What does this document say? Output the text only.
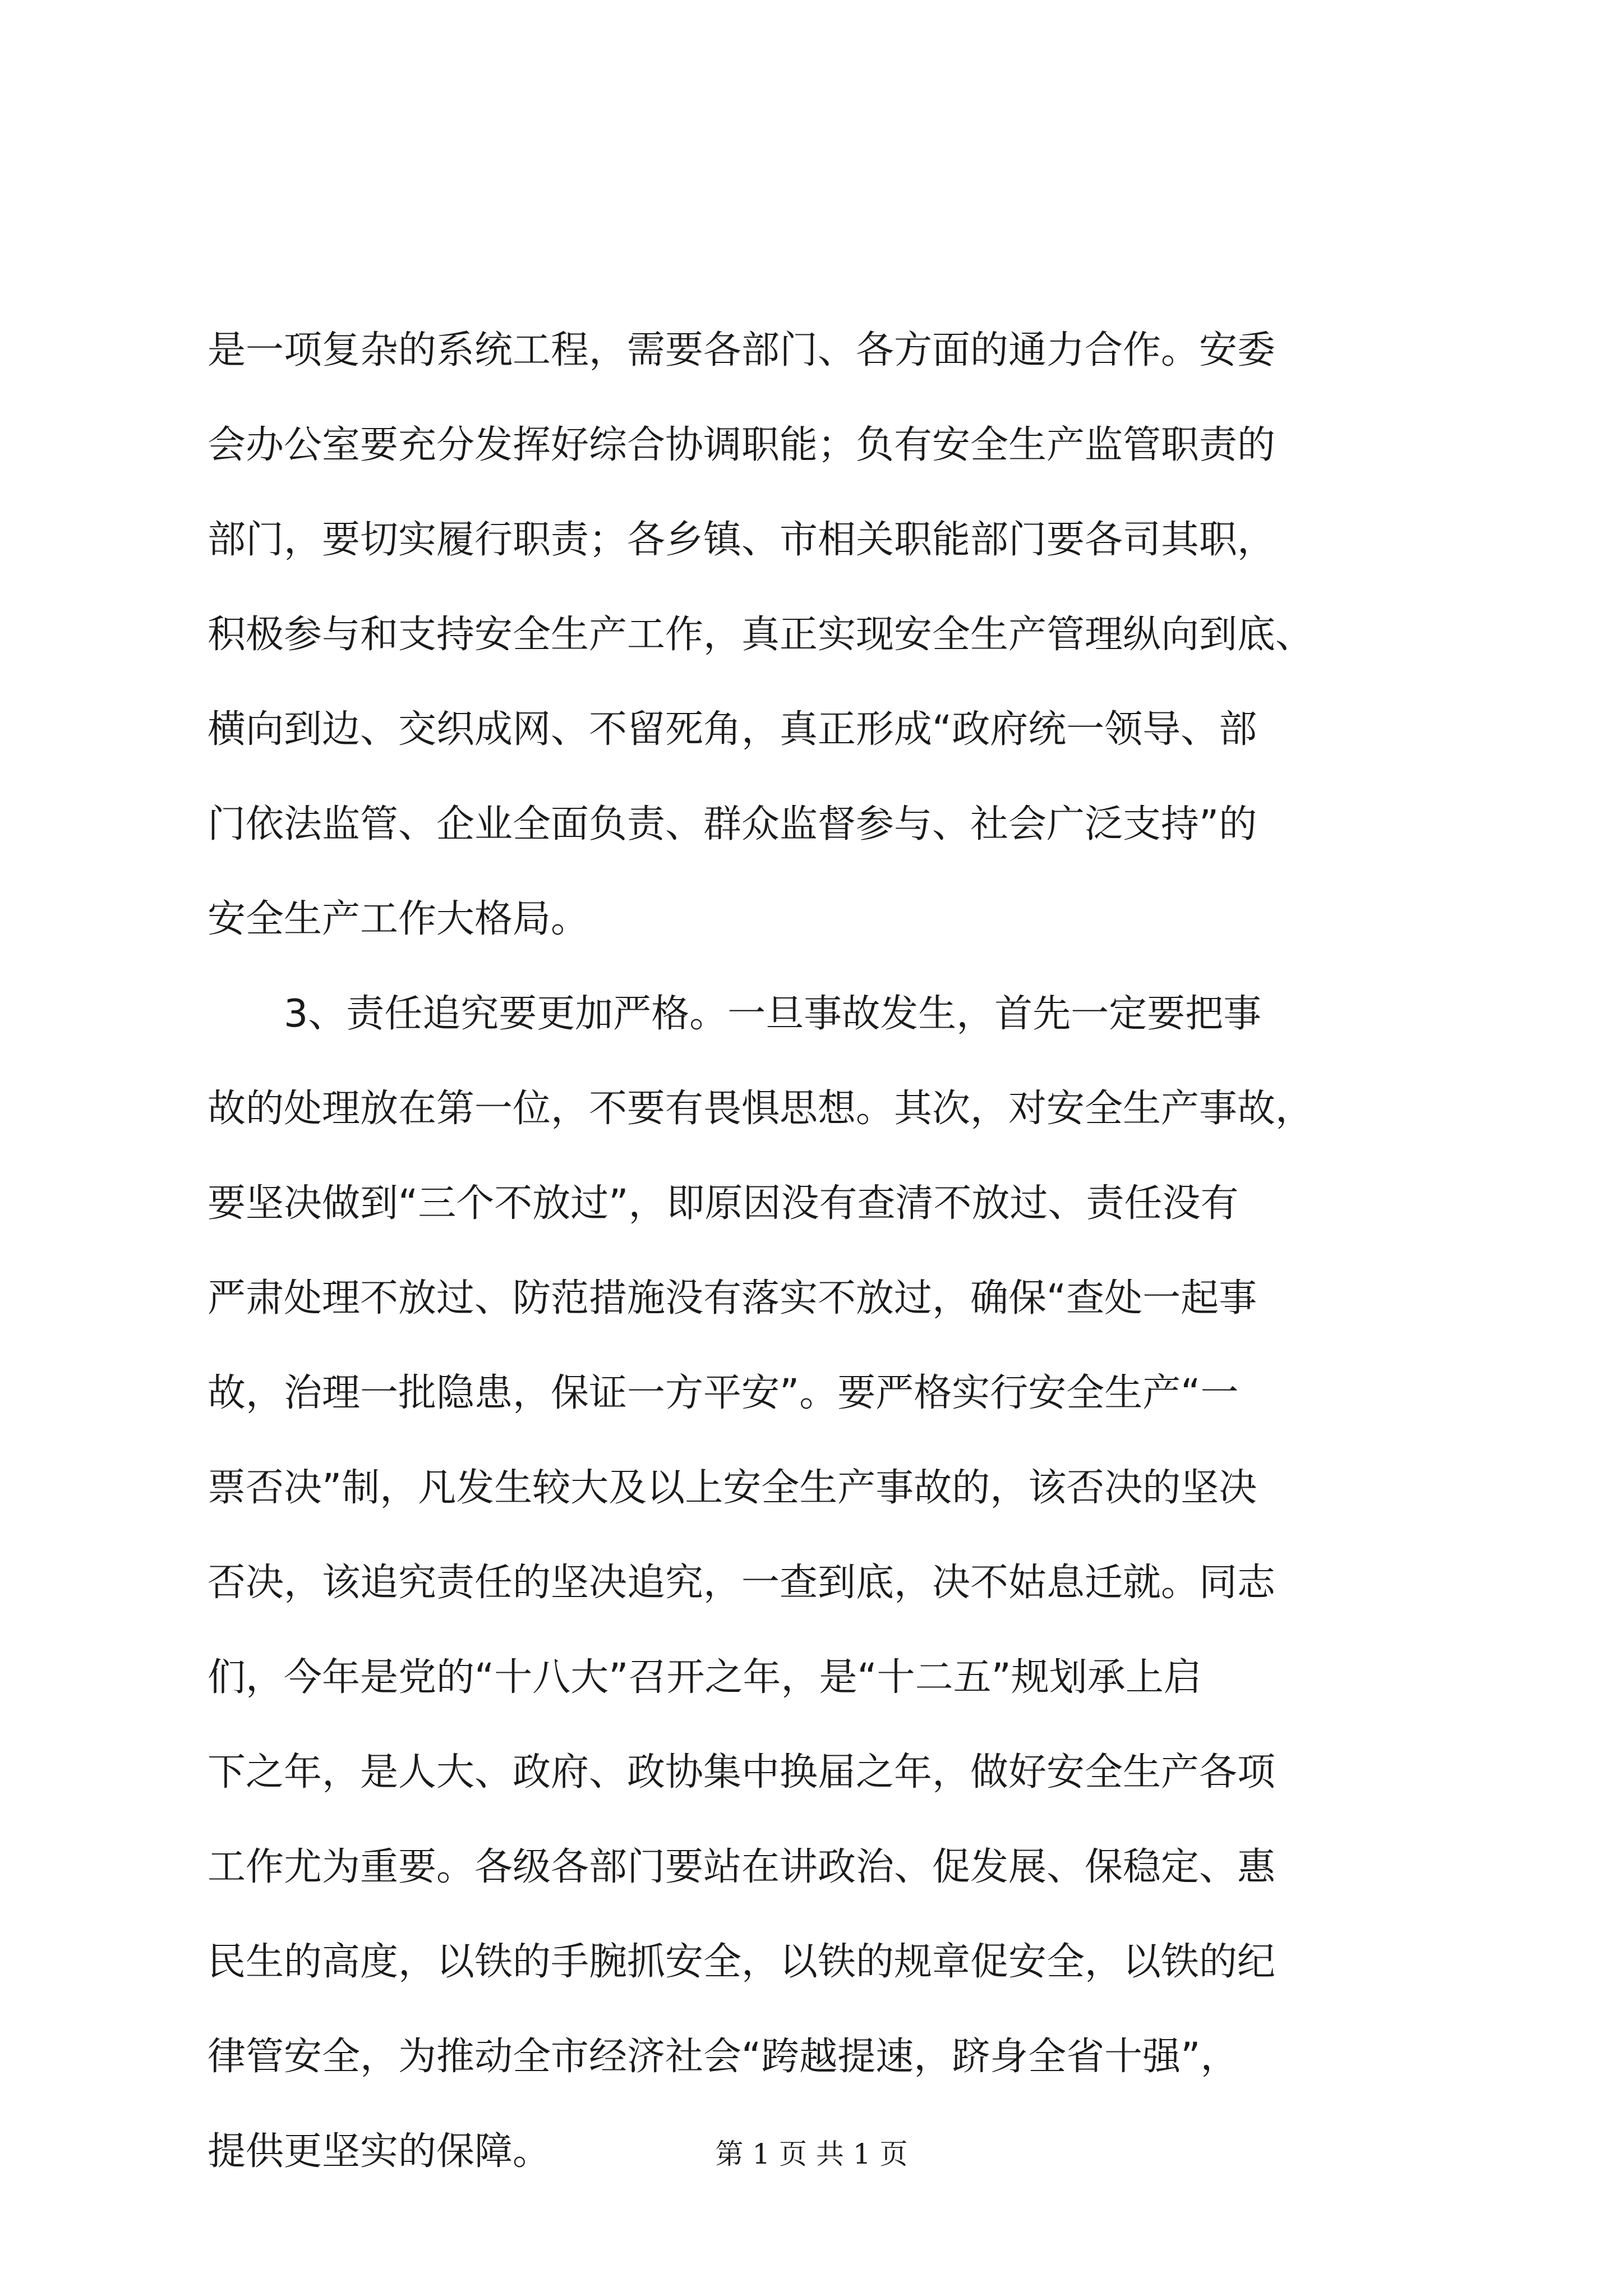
是一项复杂的系统工程，需要各部门、各方面的通力合作。安委
会办公室要充分发挥好综合协调职能；负有安全生产监管职责的
部门，要切实履行职责；各乡镇、市相关职能部门要各司其职，
积极参与和支持安全生产工作，真正实现安全生产管理纵向到底、
横向到边、交织成网、不留死角，真正形成“政府统一领导、部
门依法监管、企业全面负责、群众监督参与、社会广泛支持”的
安全生产工作大格局。
3、责任追究要更加严格。一旦事故发生，首先一定要把事
故的处理放在第一位，不要有畏惧思想。其次，对安全生产事故，
要坚决做到“三个不放过”，即原因没有查清不放过、责任没有
严肃处理不放过、防范措施没有落实不放过，确保“查处一起事
故，治理一批隐患，保证一方平安”。要严格实行安全生产“一
票否决”制，凡发生较大及以上安全生产事故的，该否决的坚决
否决，该追究责任的坚决追究，一查到底，决不姑息迁就。同志
们，今年是党的“十八大”召开之年，是“十二五”规划承上启
下之年，是人大、政府、政协集中换届之年，做好安全生产各项
工作尤为重要。各级各部门要站在讲政治、促发展、保稳定、惠
民生的高度，以铁的手腕抓安全，以铁的规章促安全，以铁的纪
律管安全，为推动全市经济社会“跨越提速，跻身全省十强”，
提供更坚实的保障。	第 1 页 共 1 页
